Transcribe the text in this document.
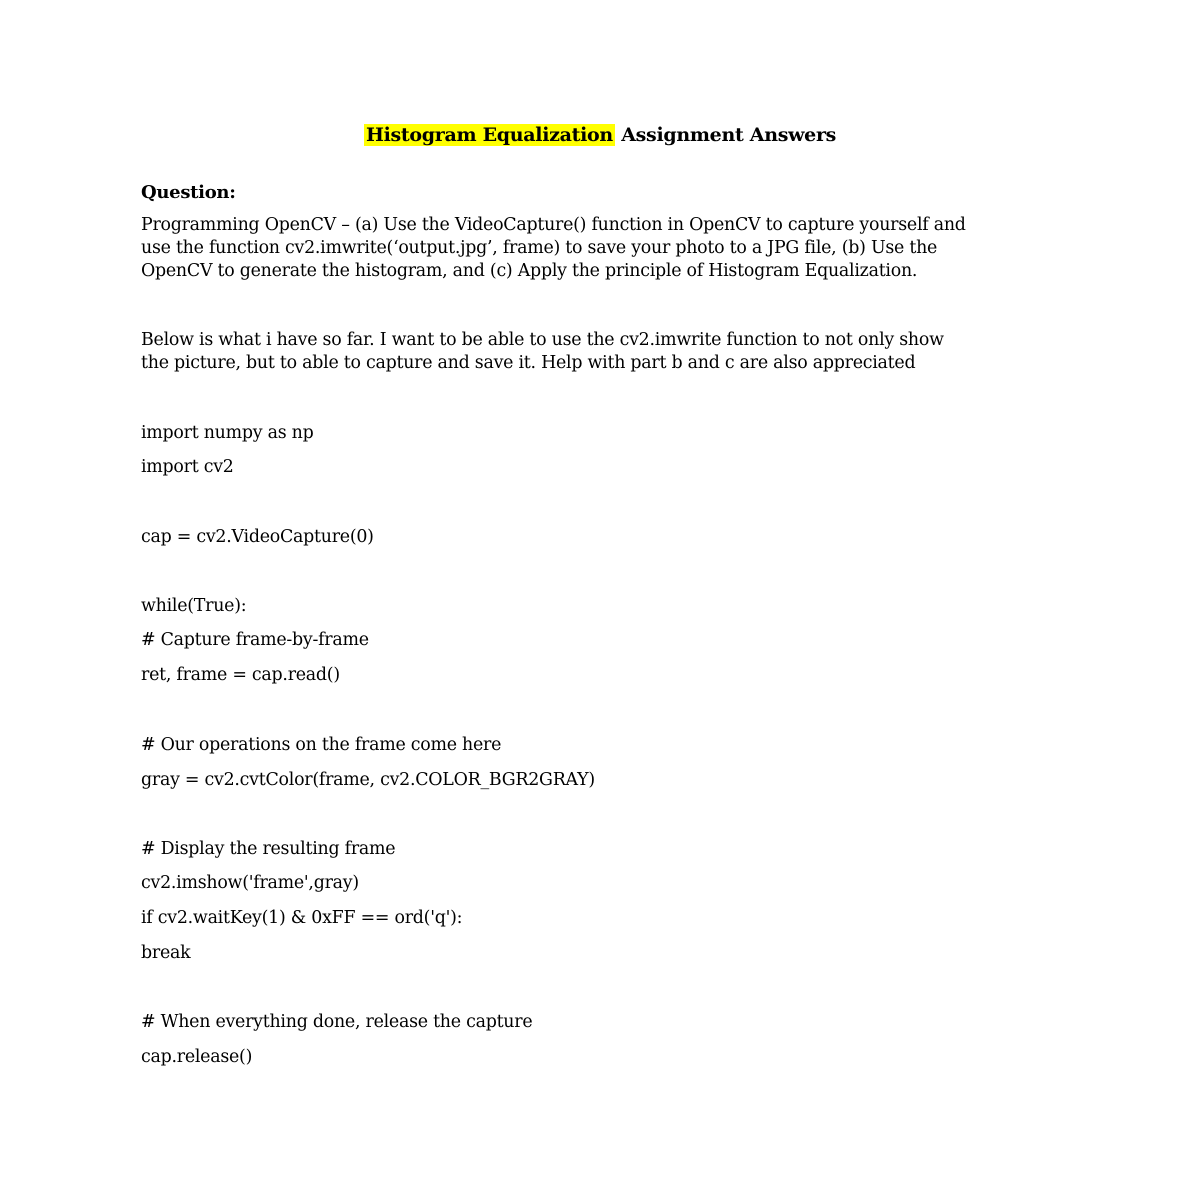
Histogram Equalization Assignment Answers
Question:
Programming OpenCV – (a) Use the VideoCapture() function in OpenCV to capture yourself and
use the function cv2.imwrite(‘output.jpg’, frame) to save your photo to a JPG file, (b) Use the
OpenCV to generate the histogram, and (c) Apply the principle of Histogram Equalization.
Below is what i have so far. I want to be able to use the cv2.imwrite function to not only show
the picture, but to able to capture and save it. Help with part b and c are also appreciated
import numpy as np
import cv2
cap = cv2.VideoCapture(0)
while(True):
# Capture frame-by-frame
ret, frame = cap.read()
# Our operations on the frame come here
gray = cv2.cvtColor(frame, cv2.COLOR_BGR2GRAY)
# Display the resulting frame
cv2.imshow('frame',gray)
if cv2.waitKey(1) & 0xFF == ord('q'):
break
# When everything done, release the capture
cap.release()
